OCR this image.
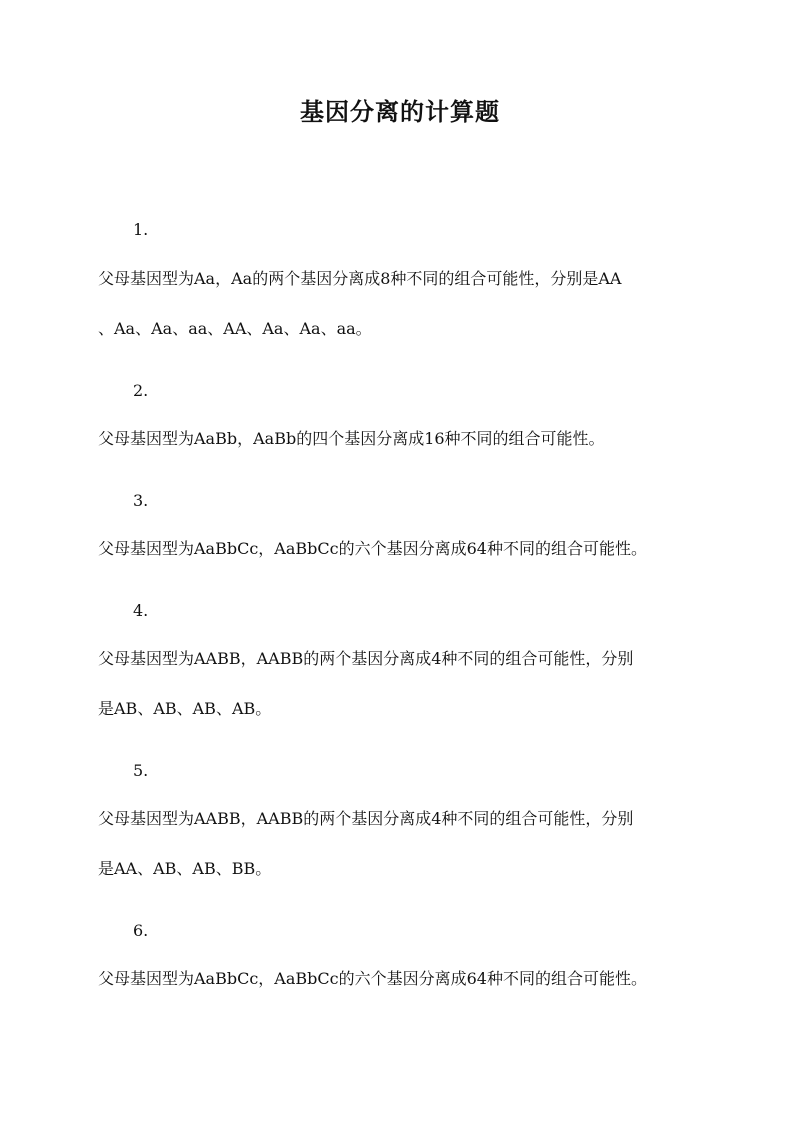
基因分离的计算题
1.
父母基因型为Aa，Aa的两个基因分离成8种不同的组合可能性，分别是AA
、Aa、Aa、aa、AA、Aa、Aa、aa。
2.
父母基因型为AaBb，AaBb的四个基因分离成16种不同的组合可能性。
3.
父母基因型为AaBbCc，AaBbCc的六个基因分离成64种不同的组合可能性。
4.
父母基因型为AABB，AABB的两个基因分离成4种不同的组合可能性，分别
是AB、AB、AB、AB。
5.
父母基因型为AABB，AABB的两个基因分离成4种不同的组合可能性，分别
是AA、AB、AB、BB。
6.
父母基因型为AaBbCc，AaBbCc的六个基因分离成64种不同的组合可能性。
